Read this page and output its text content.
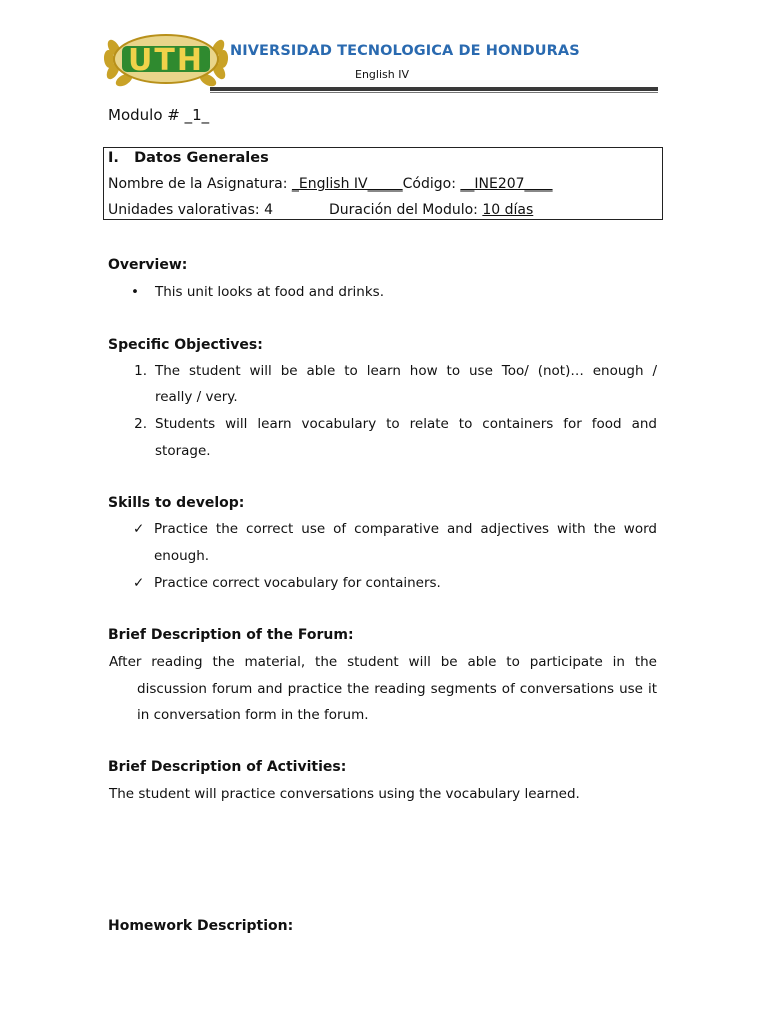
UTH	NIVERSIDAD TECNOLOGICA DE HONDURAS
English IV
Modulo # _1_
I. Datos Generales
Nombre de la Asignatura: _English IV_____Código: __INE207____
Unidades valorativas: 4	Duración del Modulo: 10 días
Overview:
• This unit looks at food and drinks.
Specific Objectives:
1. The student will be able to learn how to use Too/ (not)… enough /
really / very.
2. Students will learn vocabulary to relate to containers for food and
storage.
Skills to develop:
✓ Practice the correct use of comparative and adjectives with the word
enough.
✓ Practice correct vocabulary for containers.
Brief Description of the Forum:
After reading the material, the student will be able to participate in the
discussion forum and practice the reading segments of conversations use it
in conversation form in the forum.
Brief Description of Activities:
The student will practice conversations using the vocabulary learned.
Homework Description:
